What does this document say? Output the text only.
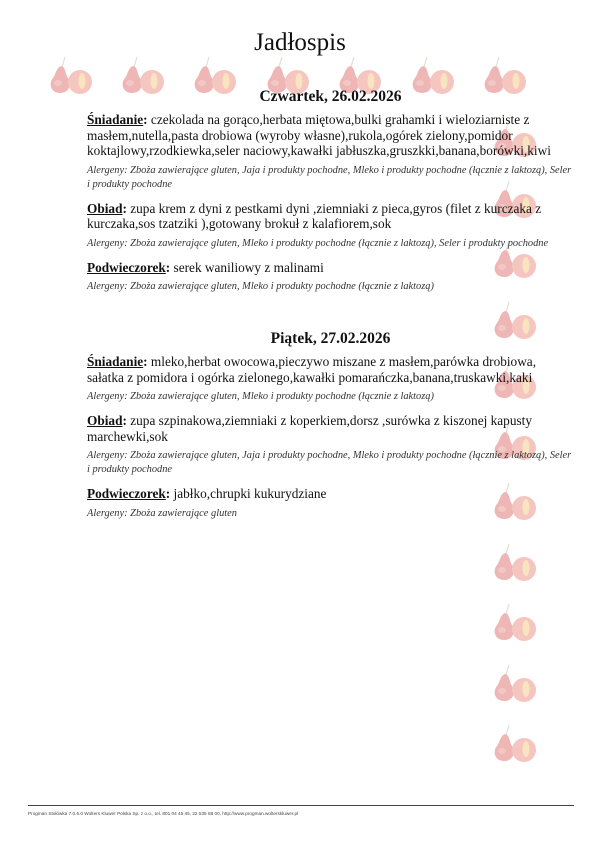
Jadłospis
Czwartek, 26.02.2026

Śniadanie: czekolada na gorąco,herbata miętowa,bulki grahamki i wieloziarniste z masłem,nutella,pasta drobiowa (wyroby własne),rukola,ogórek zielony,pomidor koktajlowy,rzodkiewka,seler naciowy,kawałki jabłuszka,gruszkki,banana,borówki,kiwi

Alergeny: Zboża zawierające gluten, Jaja i produkty pochodne, Mleko i produkty pochodne (łącznie z laktozą), Seler i produkty pochodne

Obiad: zupa krem z dyni z pestkami dyni ,ziemniaki z pieca,gyros (filet z kurczaka z kurczaka,sos tzatziki ),gotowany brokuł z kalafiorem,sok

Alergeny: Zboża zawierające gluten, Mleko i produkty pochodne (łącznie z laktozą), Seler i produkty pochodne

Podwieczorek: serek waniliowy z malinami

Alergeny: Zboża zawierające gluten, Mleko i produkty pochodne (łącznie z laktozą)
Piątek, 27.02.2026

Śniadanie: mleko,herbat owocowa,pieczywo miszane z masłem,parówka drobiowa, sałatka z pomidora i ogórka zielonego,kawałki pomarańczka,banana,truskawki,kaki

Alergeny: Zboża zawierające gluten, Mleko i produkty pochodne (łącznie z laktozą)

Obiad: zupa szpinakowa,ziemniaki z koperkiem,dorsz ,surówka z kiszonej kapusty marchewki,sok

Alergeny: Zboża zawierające gluten, Jaja i produkty pochodne, Mleko i produkty pochodne (łącznie z laktozą), Seler i produkty pochodne

Podwieczorek: jabłko,chrupki kukurydziane

Alergeny: Zboża zawierające gluten
Progman Stołówka 7.0.6.0 Wolters Kluwer Polska Sp. z o.o., tel. 801 04 45 45, 22 535 88 00, http://www.progman.wolterskluwer.pl
